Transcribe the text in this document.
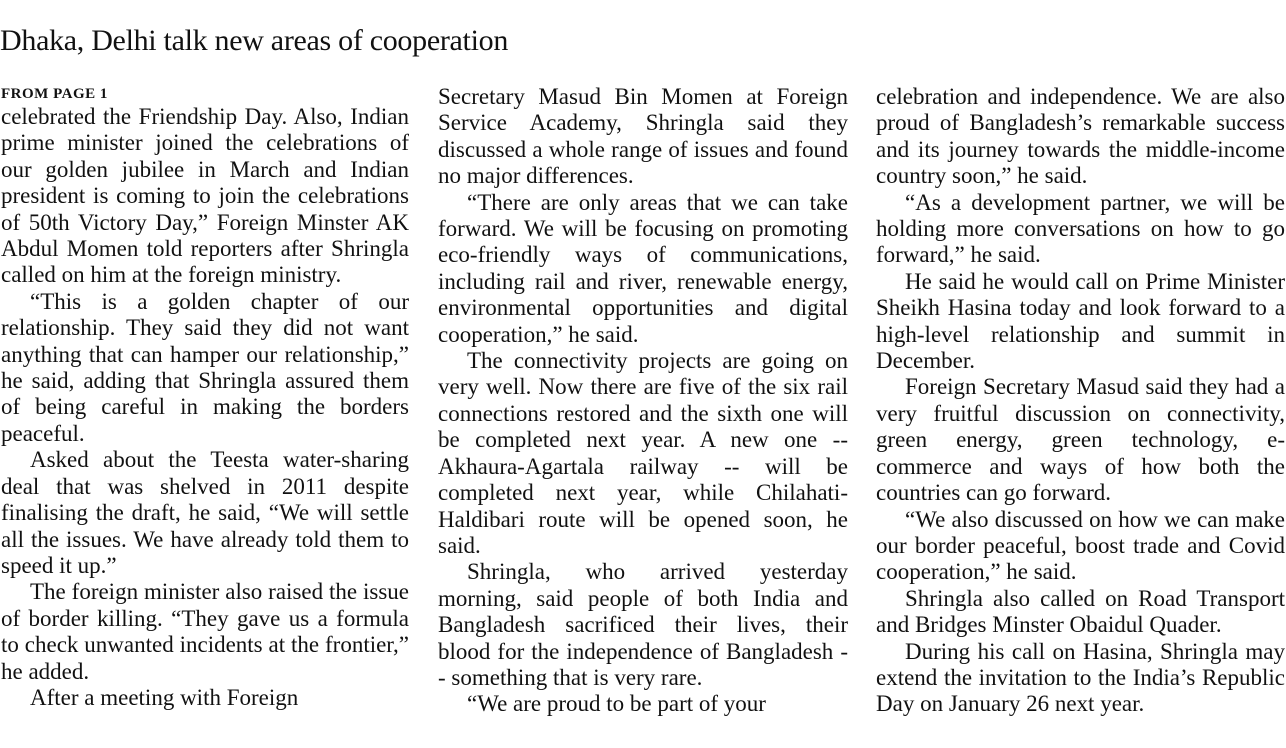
Dhaka, Delhi talk new areas of cooperation
FROM PAGE 1

celebrated the Friendship Day. Also, Indian prime minister joined the celebrations of our golden jubilee in March and Indian president is coming to join the celebrations of 50th Victory Day,” Foreign Minster AK Abdul Momen told reporters after Shringla called on him at the foreign ministry.

“This is a golden chapter of our relationship. They said they did not want anything that can hamper our relationship,” he said, adding that Shringla assured them of being careful in making the borders peaceful.

Asked about the Teesta water-sharing deal that was shelved in 2011 despite finalising the draft, he said, “We will settle all the issues. We have already told them to speed it up.”

The foreign minister also raised the issue of border killing. “They gave us a formula to check unwanted incidents at the frontier,” he added.

After a meeting with Foreign

Secretary Masud Bin Momen at Foreign Service Academy, Shringla said they discussed a whole range of issues and found no major differences.

“There are only areas that we can take forward. We will be focusing on promoting eco-friendly ways of communications, including rail and river, renewable energy, environmental opportunities and digital cooperation,” he said.

The connectivity projects are going on very well. Now there are five of the six rail connections restored and the sixth one will be completed next year. A new one -- Akhaura-Agartala railway -- will be completed next year, while Chilahati-Haldibari route will be opened soon, he said.

Shringla, who arrived yesterday morning, said people of both India and Bangladesh sacrificed their lives, their blood for the independence of Bangladesh -- something that is very rare.

“We are proud to be part of your

celebration and independence. We are also proud of Bangladesh’s remarkable success and its journey towards the middle-income country soon,” he said.

“As a development partner, we will be holding more conversations on how to go forward,” he said.

He said he would call on Prime Minister Sheikh Hasina today and look forward to a high-level relationship and summit in December.

Foreign Secretary Masud said they had a very fruitful discussion on connectivity, green energy, green technology, e-commerce and ways of how both the countries can go forward.

“We also discussed on how we can make our border peaceful, boost trade and Covid cooperation,” he said.

Shringla also called on Road Transport and Bridges Minster Obaidul Quader.

During his call on Hasina, Shringla may extend the invitation to the India’s Republic Day on January 26 next year.
